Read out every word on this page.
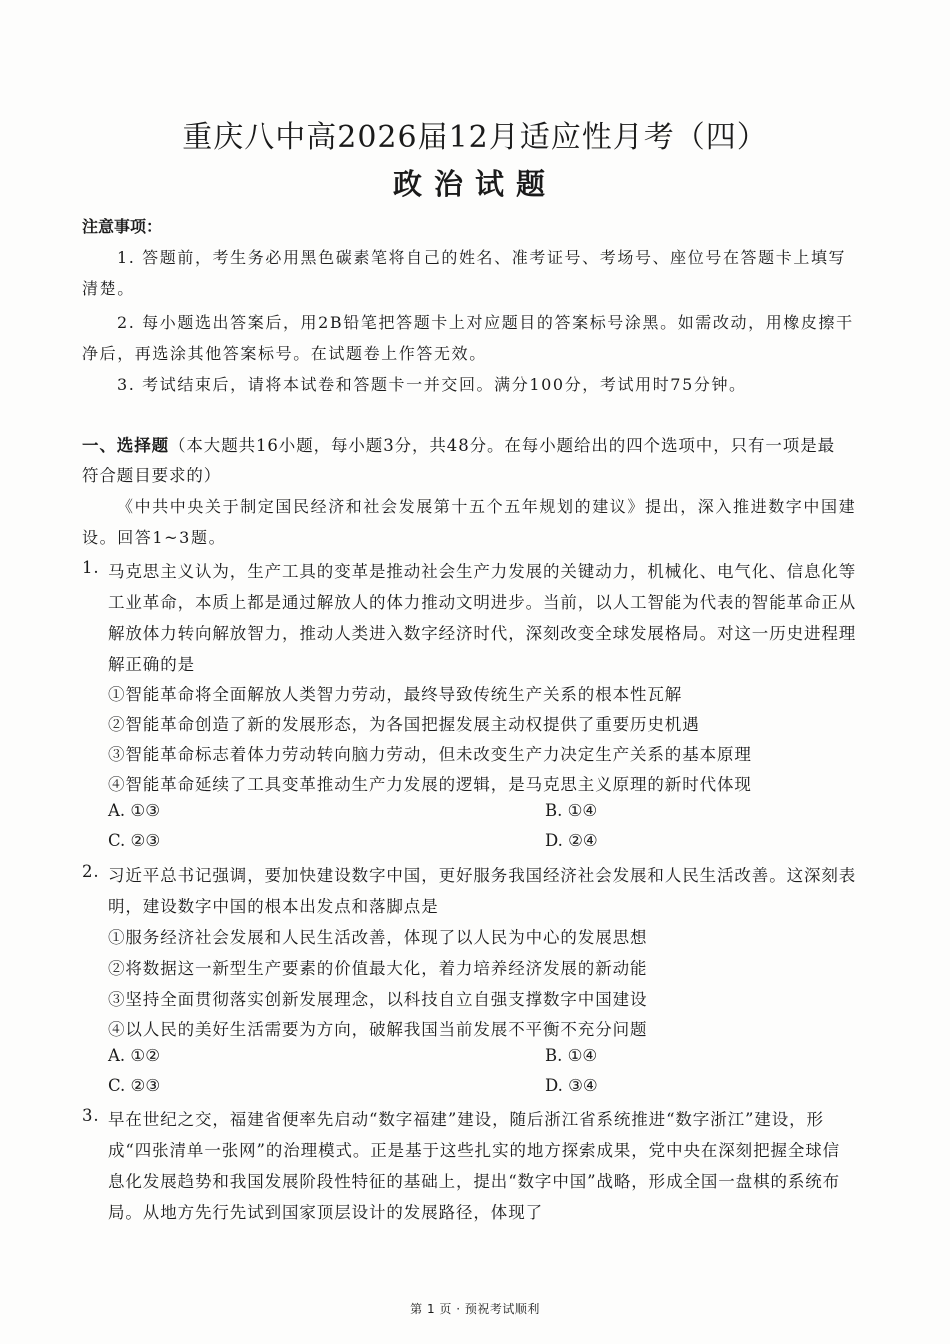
重庆八中高2026届12月适应性月考（四）
政治试题
注意事项：
1. 答题前，考生务必用黑色碳素笔将自己的姓名、准考证号、考场号、座位号在答题卡上填写
清楚。
2. 每小题选出答案后，用2B铅笔把答题卡上对应题目的答案标号涂黑。如需改动，用橡皮擦干
净后，再选涂其他答案标号。在试题卷上作答无效。
3. 考试结束后，请将本试卷和答题卡一并交回。满分100分，考试用时75分钟。
一、选择题（本大题共16小题，每小题3分，共48分。在每小题给出的四个选项中，只有一项是最
符合题目要求的）
《中共中央关于制定国民经济和社会发展第十五个五年规划的建议》提出，深入推进数字中国建
设。回答1~3题。
1. 马克思主义认为，生产工具的变革是推动社会生产力发展的关键动力，机械化、电气化、信息化等
工业革命，本质上都是通过解放人的体力推动文明进步。当前，以人工智能为代表的智能革命正从
解放体力转向解放智力，推动人类进入数字经济时代，深刻改变全球发展格局。对这一历史进程理
解正确的是
①智能革命将全面解放人类智力劳动，最终导致传统生产关系的根本性瓦解
②智能革命创造了新的发展形态，为各国把握发展主动权提供了重要历史机遇
③智能革命标志着体力劳动转向脑力劳动，但未改变生产力决定生产关系的基本原理
④智能革命延续了工具变革推动生产力发展的逻辑，是马克思主义原理的新时代体现
A. ①③	B. ①④
C. ②③	D. ②④
2. 习近平总书记强调，要加快建设数字中国，更好服务我国经济社会发展和人民生活改善。这深刻表
明，建设数字中国的根本出发点和落脚点是
①服务经济社会发展和人民生活改善，体现了以人民为中心的发展思想
②将数据这一新型生产要素的价值最大化，着力培养经济发展的新动能
③坚持全面贯彻落实创新发展理念，以科技自立自强支撑数字中国建设
④以人民的美好生活需要为方向，破解我国当前发展不平衡不充分问题
A. ①②	B. ①④
C. ②③	D. ③④
3. 早在世纪之交，福建省便率先启动“数字福建”建设，随后浙江省系统推进“数字浙江”建设，形
成“四张清单一张网”的治理模式。正是基于这些扎实的地方探索成果，党中央在深刻把握全球信
息化发展趋势和我国发展阶段性特征的基础上，提出“数字中国”战略，形成全国一盘棋的系统布
局。从地方先行先试到国家顶层设计的发展路径，体现了
第 1 页 · 预祝考试顺利
